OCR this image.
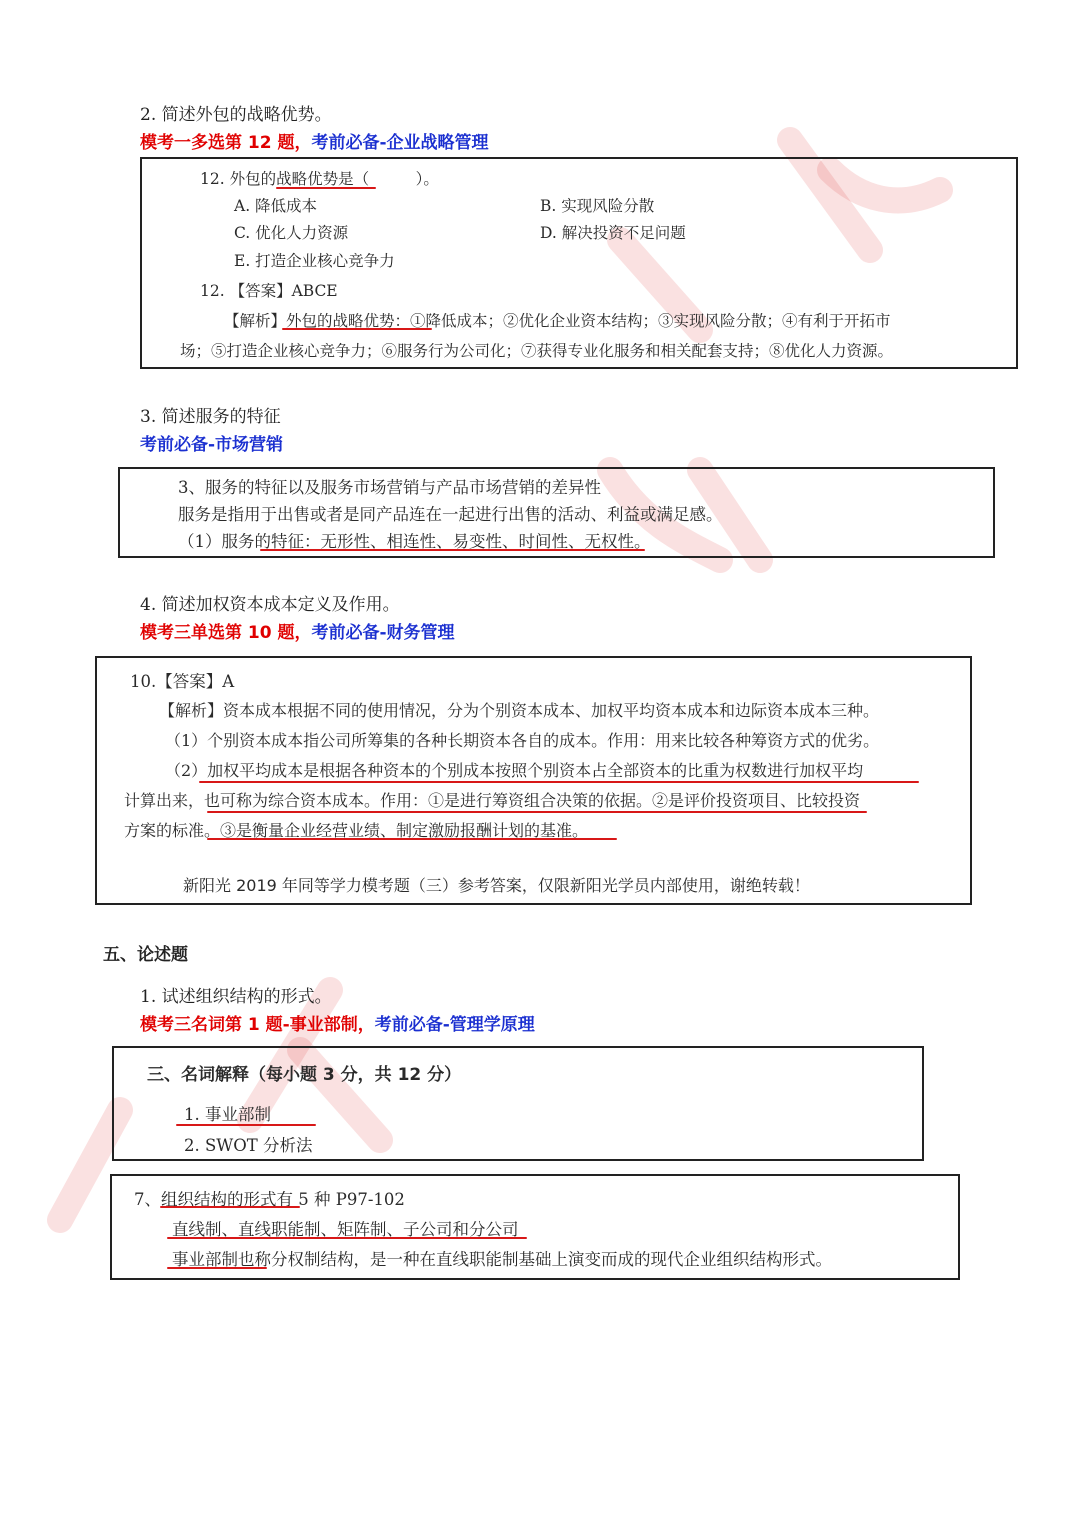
2. 简述外包的战略优势。
模考一多选第 12 题，考前必备-企业战略管理
12. 外包的战略优势是（　　　）。
A. 降低成本	B. 实现风险分散
C. 优化人力资源	D. 解决投资不足问题
E. 打造企业核心竞争力
12. 【答案】ABCE
【解析】外包的战略优势：①降低成本；②优化企业资本结构；③实现风险分散；④有利于开拓市
场；⑤打造企业核心竞争力；⑥服务行为公司化；⑦获得专业化服务和相关配套支持；⑧优化人力资源。
3. 简述服务的特征
考前必备-市场营销
3、服务的特征以及服务市场营销与产品市场营销的差异性
服务是指用于出售或者是同产品连在一起进行出售的活动、利益或满足感。
（1）服务的特征：无形性、相连性、易变性、时间性、无权性。
4. 简述加权资本成本定义及作用。
模考三单选第 10 题，考前必备-财务管理
10.【答案】A
【解析】资本成本根据不同的使用情况，分为个别资本成本、加权平均资本成本和边际资本成本三种。
（1）个别资本成本指公司所筹集的各种长期资本各自的成本。作用：用来比较各种筹资方式的优劣。
（2）加权平均成本是根据各种资本的个别成本按照个别资本占全部资本的比重为权数进行加权平均
计算出来，也可称为综合资本成本。作用：①是进行筹资组合决策的依据。②是评价投资项目、比较投资
方案的标准。③是衡量企业经营业绩、制定激励报酬计划的基准。
新阳光 2019 年同等学力模考题（三）参考答案，仅限新阳光学员内部使用，谢绝转载！
五、论述题
1. 试述组织结构的形式。
模考三名词第 1 题-事业部制，考前必备-管理学原理
三、名词解释（每小题 3 分，共 12 分）
1. 事业部制
2. SWOT 分析法
7、组织结构的形式有 5 种 P97-102
直线制、直线职能制、矩阵制、子公司和分公司
事业部制也称分权制结构，是一种在直线职能制基础上演变而成的现代企业组织结构形式。
